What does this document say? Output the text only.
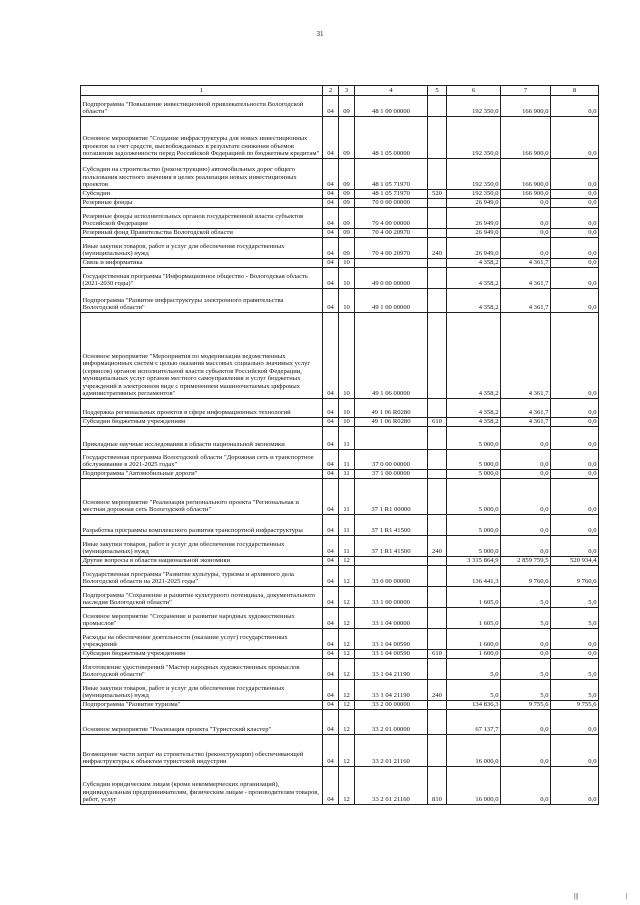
31
1	2	3	4	5	6	7	8
Подпрограмма "Повышение инвестиционной привлекательности Вологодской области"	04	09	48 1 00 00000		192 350,0	166 900,0	0,0
Основное мероприятие "Создание инфраструктуры для новых инвестиционных проектов за счет средств, высвобождаемых в результате снижения объемов погашения задолженности перед Российской Федерацией по бюджетным кредитам"	04	09	48 1 05 00000		192 350,0	166 900,0	0,0
Субсидии на строительство (реконструкцию) автомобильных дорог общего пользования местного значения в целях реализации новых инвестиционных проектов	04	09	48 1 05 71970		192 350,0	166 900,0	0,0
Субсидии	04	09	48 1 05 71970	520	192 350,0	166 900,0	0,0
Резервные фонды	04	09	70 0 00 00000		26 949,0	0,0	0,0
Резервные фонды исполнительных органов государственной власти субъектов Российской Федерации	04	09	70 4 00 00000		26 949,0	0,0	0,0
Резервный фонд Правительства Вологодской области	04	09	70 4 00 20970		26 949,0	0,0	0,0
Иные закупки товаров, работ и услуг для обеспечения государственных (муниципальных) нужд	04	09	70 4 00 20970	240	26 949,0	0,0	0,0
Связь и информатика	04	10			4 358,2	4 361,7	0,0
Государственная программа "Информационное общество - Вологодская область (2021-2030 годы)"	04	10	49 0 00 00000		4 358,2	4 361,7	0,0
Подпрограмма "Развитие инфраструктуры электронного правительства Вологодской области"	04	10	49 1 00 00000		4 358,2	4 361,7	0,0
Основное мероприятие "Мероприятия по модернизации ведомственных информационных систем с целью оказания массовых социально значимых услуг (сервисов) органов исполнительной власти субъектов Российской Федерации, муниципальных услуг органов местного самоуправления и услуг бюджетных учреждений в электронном виде с применением машиночитаемых цифровых административных регламентов"	04	10	49 1 06 00000		4 358,2	4 361,7	0,0
Поддержка региональных проектов в сфере информационных технологий	04	10	49 1 06 R0280		4 358,2	4 361,7	0,0
Субсидии бюджетным учреждениям	04	10	49 1 06 R0280	610	4 358,2	4 361,7	0,0
Прикладные научные исследования в области национальной экономики	04	11			5 000,0	0,0	0,0
Государственная программа Вологодской области "Дорожная сеть и транспортное обслуживание в 2021-2025 годах"	04	11	37 0 00 00000		5 000,0	0,0	0,0
Подпрограмма "Автомобильные дороги"	04	11	37 1 00 00000		5 000,0	0,0	0,0
Основное мероприятие "Реализация регионального проекта "Региональная и местная дорожная сеть Вологодской области"	04	11	37 1 R1 00000		5 000,0	0,0	0,0
Разработка программы комплексного развития транспортной инфраструктуры	04	11	37 1 R1 41500		5 000,0	0,0	0,0
Иные закупки товаров, работ и услуг для обеспечения государственных (муниципальных) нужд	04	11	37 1 R1 41500	240	5 000,0	0,0	0,0
Другие вопросы в области национальной экономики	04	12			3 315 864,9	2 859 759,5	520 934,4
Государственная программа "Развитие культуры, туризма и архивного дела Вологодской области на 2021-2025 годы"	04	12	33 0 00 00000		136 441,3	9 760,6	9 760,6
Подпрограмма "Сохранение и развитие культурного потенциала, документального наследия Вологодской области"	04	12	33 1 00 00000		1 605,0	5,0	5,0
Основное мероприятие "Сохранение и развитие народных художественных промыслов"	04	12	33 1 04 00000		1 605,0	5,0	5,0
Расходы на обеспечение деятельности (оказание услуг) государственных учреждений	04	12	33 1 04 00590		1 600,0	0,0	0,0
Субсидии бюджетным учреждениям	04	12	33 1 04 00590	610	1 600,0	0,0	0,0
Изготовление удостоверений "Мастер народных художественных промыслов Вологодской области"	04	12	33 1 04 21190		5,0	5,0	5,0
Иные закупки товаров, работ и услуг для обеспечения государственных (муниципальных) нужд	04	12	33 1 04 21190	240	5,0	5,0	5,0
Подпрограмма "Развитие туризма"	04	12	33 2 00 00000		134 836,3	9 755,6	9 755,6
Основное мероприятие "Реализация проекта "Туристский кластер"	04	12	33 2 01 00000		67 137,7	0,0	0,0
Возмещение части затрат на строительство (реконструкцию) обеспечивающей инфраструктуры к объектам туристской индустрии	04	12	33 2 01 21160		16 000,0	0,0	0,0
Субсидии юридическим лицам (кроме некоммерческих организаций), индивидуальным предпринимателям, физическим лицам - производителям товаров, работ, услуг	04	12	33 2 01 21160	810	16 000,0	0,0	0,0
|||	|
